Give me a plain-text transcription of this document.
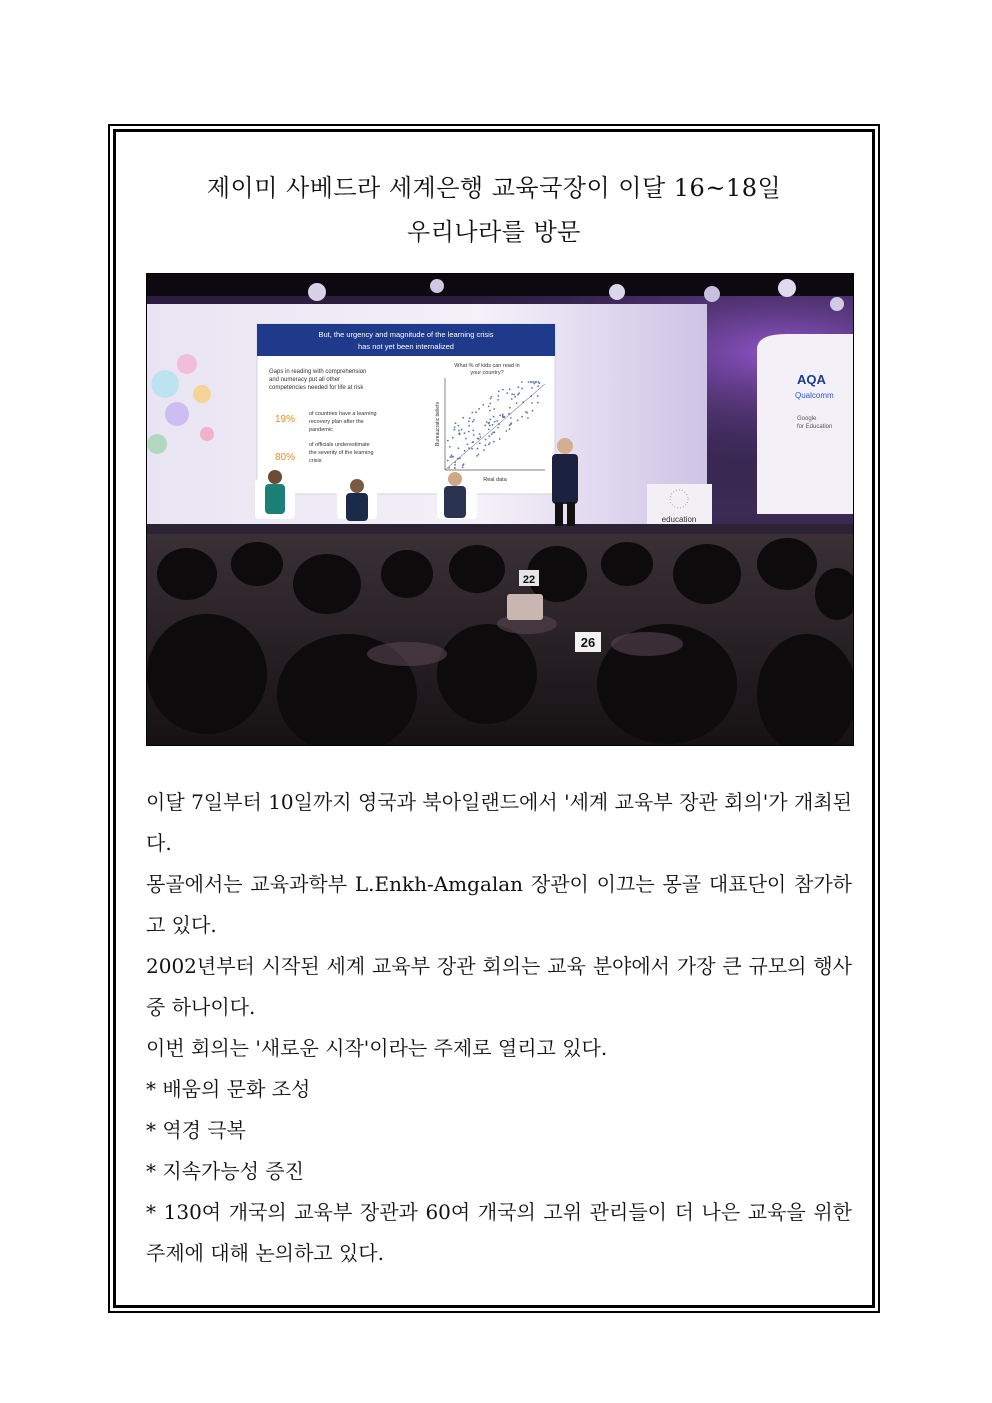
제이미 사베드라 세계은행 교육국장이 이달 16~18일
우리나라를 방문
But, the urgency and magnitude of the learning crisis
has not yet been internalized
Gaps in reading with comprehension
and numeracy put all other
competencies needed for life at risk
19%	of countries have a learning
recovery plan after the
pandemic
80%
of officials underestimate
the severity of the learning
crisis
What % of kids can read in
your country?
Real data
Bureaucratic beliefs
AQA
Qualcomm
Google
for Education
education
26
22

이달 7일부터 10일까지 영국과 북아일랜드에서 '세계 교육부 장관 회의'가 개최된다.

몽골에서는 교육과학부 L.Enkh-Amgalan 장관이 이끄는 몽골 대표단이 참가하고 있다.

2002년부터 시작된 세계 교육부 장관 회의는 교육 분야에서 가장 큰 규모의 행사 중 하나이다.

이번 회의는 '새로운 시작'이라는 주제로 열리고 있다.

* 배움의 문화 조성

* 역경 극복

* 지속가능성 증진

* 130여 개국의 교육부 장관과 60여 개국의 고위 관리들이 더 나은 교육을 위한 주제에 대해 논의하고 있다.
